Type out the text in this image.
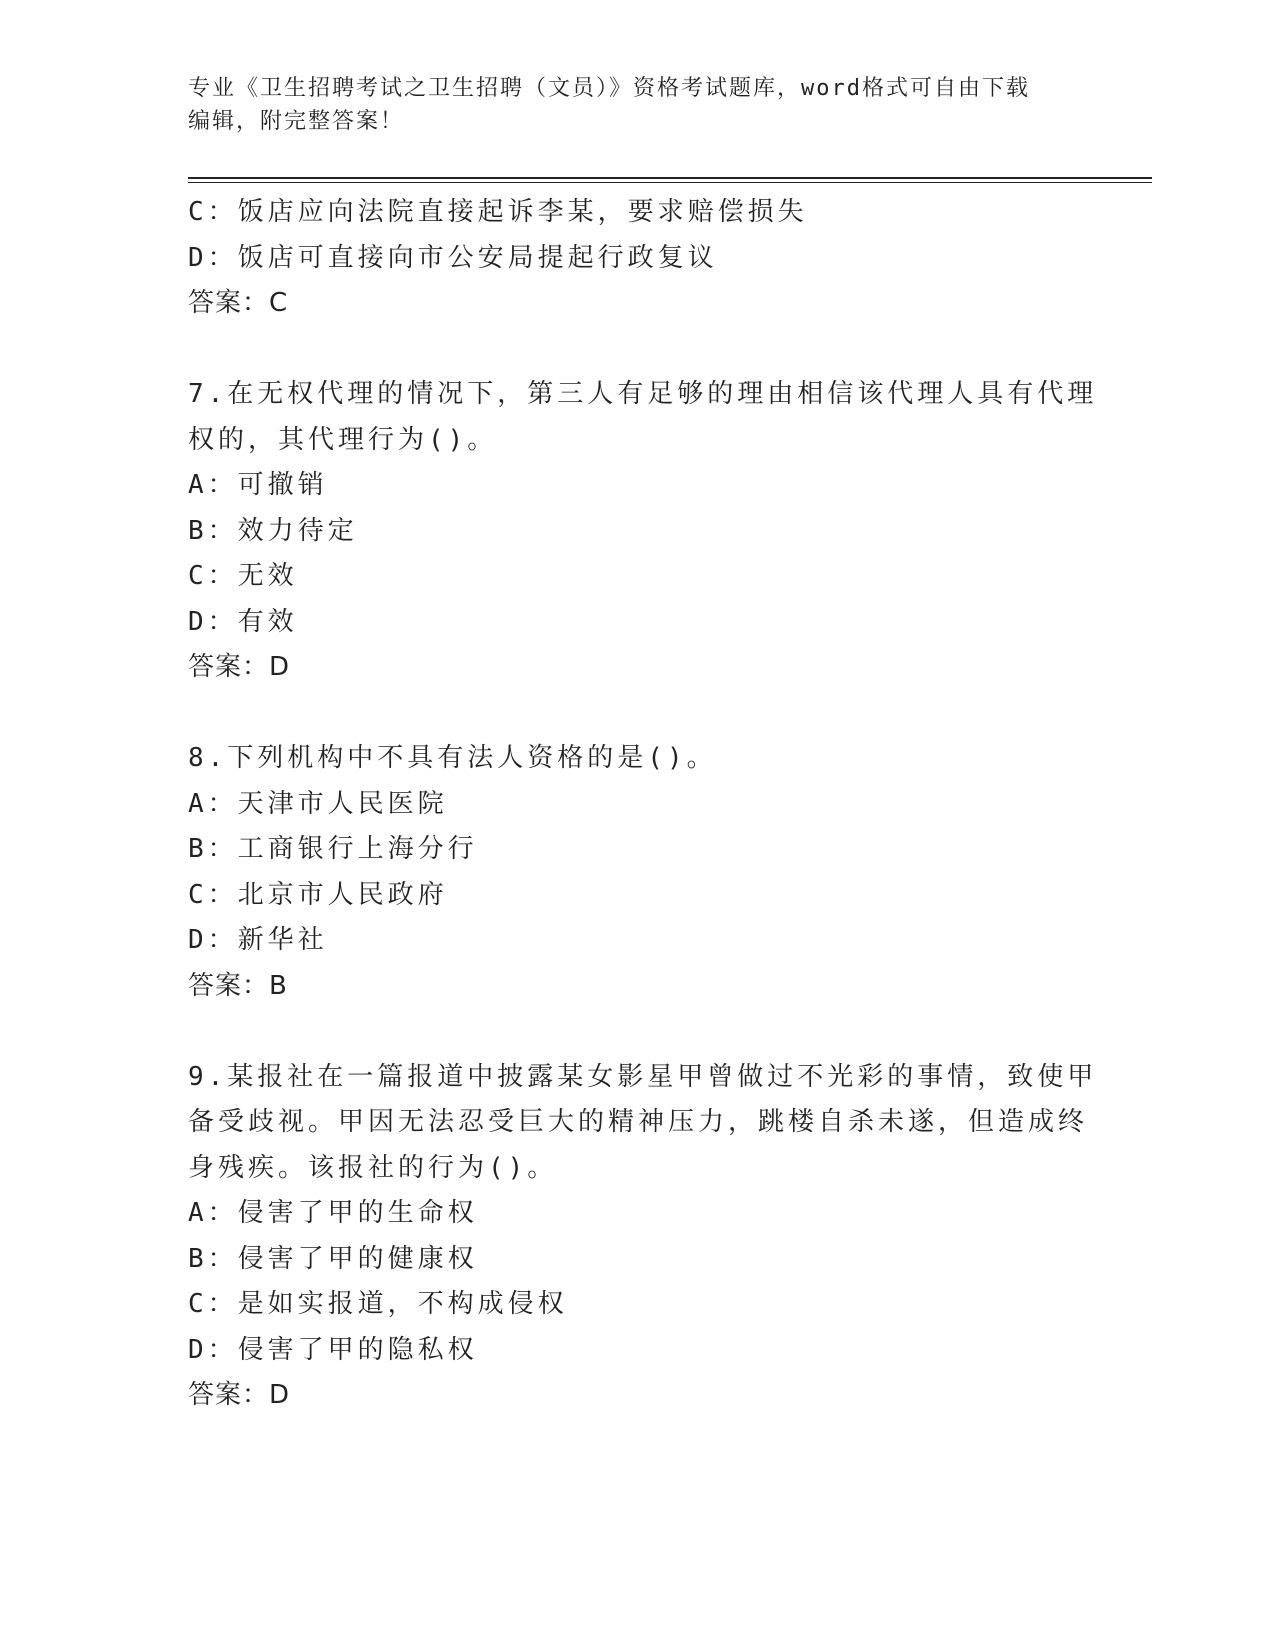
专业《卫生招聘考试之卫生招聘（文员）》资格考试题库，word格式可自由下载
编辑，附完整答案！
C：饭店应向法院直接起诉李某，要求赔偿损失
D：饭店可直接向市公安局提起行政复议
答案：C
7.在无权代理的情况下，第三人有足够的理由相信该代理人具有代理
权的，其代理行为()。
A：可撤销
B：效力待定
C：无效
D：有效
答案：D
8.下列机构中不具有法人资格的是()。
A：天津市人民医院
B：工商银行上海分行
C：北京市人民政府
D：新华社
答案：B
9.某报社在一篇报道中披露某女影星甲曾做过不光彩的事情，致使甲
备受歧视。甲因无法忍受巨大的精神压力，跳楼自杀未遂，但造成终
身残疾。该报社的行为()。
A：侵害了甲的生命权
B：侵害了甲的健康权
C：是如实报道，不构成侵权
D：侵害了甲的隐私权
答案：D
